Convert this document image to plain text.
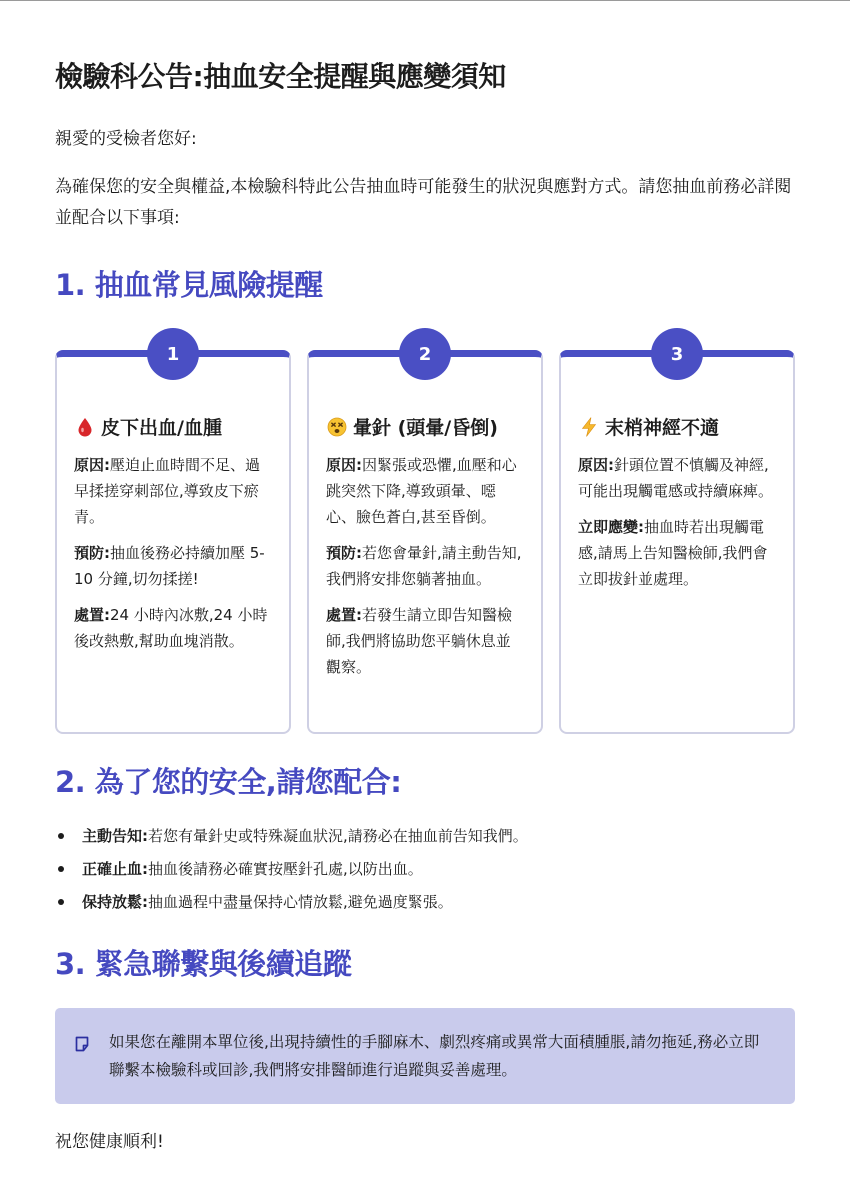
檢驗科公告:抽血安全提醒與應變須知
親愛的受檢者您好:
為確保您的安全與權益,本檢驗科特此公告抽血時可能發生的狀況與應對方式。請您抽血前務必詳閱並配合以下事項:
1. 抽血常見風險提醒
1
皮下出血/血腫

原因:壓迫止血時間不足、過早揉搓穿刺部位,導致皮下瘀青。

預防:抽血後務必持續加壓 5-10 分鐘,切勿揉搓!

處置:24 小時內冰敷,24 小時後改熱敷,幫助血塊消散。

2
暈針 (頭暈/昏倒)

原因:因緊張或恐懼,血壓和心跳突然下降,導致頭暈、噁心、臉色蒼白,甚至昏倒。

預防:若您會暈針,請主動告知,我們將安排您躺著抽血。

處置:若發生請立即告知醫檢師,我們將協助您平躺休息並觀察。

3
末梢神經不適

原因:針頭位置不慎觸及神經,可能出現觸電感或持續麻痺。

立即應變:抽血時若出現觸電感,請馬上告知醫檢師,我們會立即拔針並處理。

2. 為了您的安全,請您配合:
主動告知:若您有暈針史或特殊凝血狀況,請務必在抽血前告知我們。
正確止血:抽血後請務必確實按壓針孔處,以防出血。
保持放鬆:抽血過程中盡量保持心情放鬆,避免過度緊張。
3. 緊急聯繫與後續追蹤
如果您在離開本單位後,出現持續性的手腳麻木、劇烈疼痛或異常大面積腫脹,請勿拖延,務必立即聯繫本檢驗科或回診,我們將安排醫師進行追蹤與妥善處理。
祝您健康順利!
